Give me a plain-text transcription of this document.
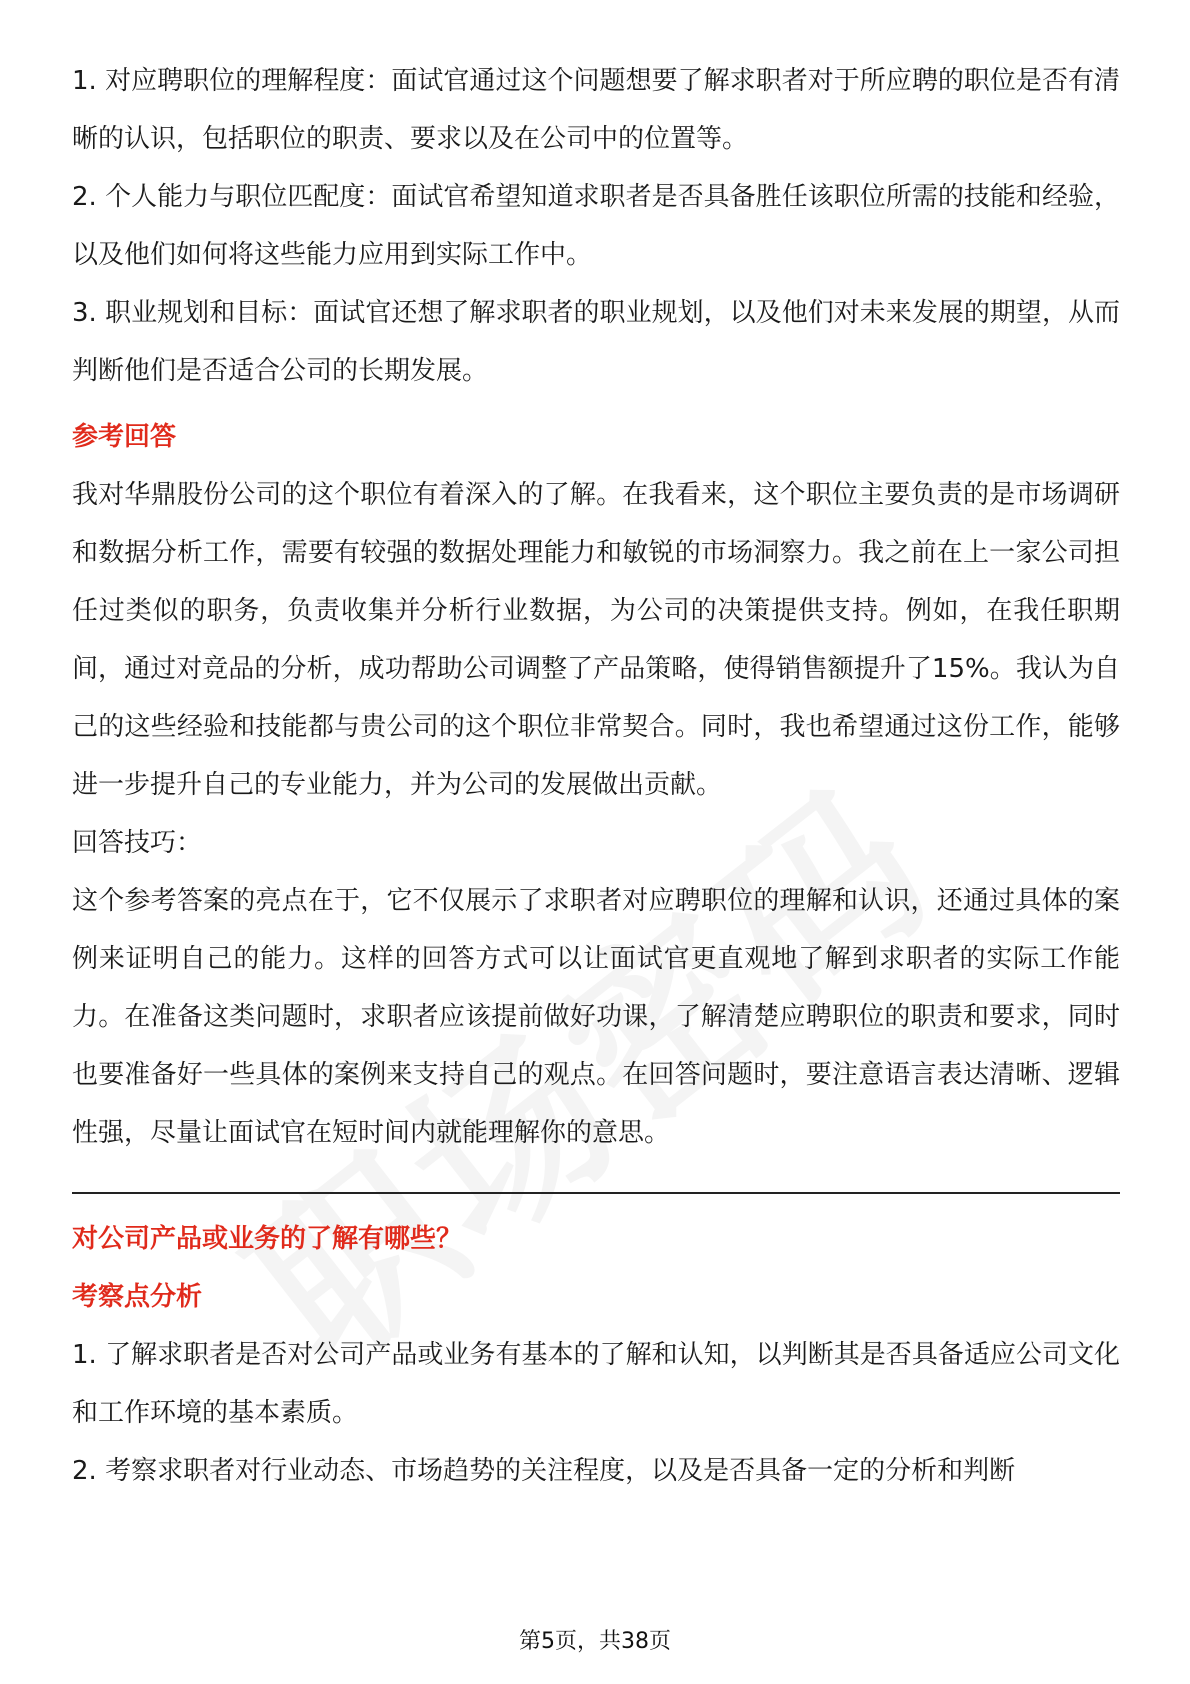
1. 对应聘职位的理解程度：面试官通过这个问题想要了解求职者对于所应聘的职位是否有清晰的认识，包括职位的职责、要求以及在公司中的位置等。

2. 个人能力与职位匹配度：面试官希望知道求职者是否具备胜任该职位所需的技能和经验，以及他们如何将这些能力应用到实际工作中。

3. 职业规划和目标：面试官还想了解求职者的职业规划，以及他们对未来发展的期望，从而判断他们是否适合公司的长期发展。

参考回答

我对华鼎股份公司的这个职位有着深入的了解。在我看来，这个职位主要负责的是市场调研和数据分析工作，需要有较强的数据处理能力和敏锐的市场洞察力。我之前在上一家公司担任过类似的职务，负责收集并分析行业数据，为公司的决策提供支持。例如，在我任职期间，通过对竞品的分析，成功帮助公司调整了产品策略，使得销售额提升了15%。我认为自己的这些经验和技能都与贵公司的这个职位非常契合。同时，我也希望通过这份工作，能够进一步提升自己的专业能力，并为公司的发展做出贡献。

回答技巧：

这个参考答案的亮点在于，它不仅展示了求职者对应聘职位的理解和认识，还通过具体的案例来证明自己的能力。这样的回答方式可以让面试官更直观地了解到求职者的实际工作能力。在准备这类问题时，求职者应该提前做好功课，了解清楚应聘职位的职责和要求，同时也要准备好一些具体的案例来支持自己的观点。在回答问题时，要注意语言表达清晰、逻辑性强，尽量让面试官在短时间内就能理解你的意思。

对公司产品或业务的了解有哪些？
考察点分析

1. 了解求职者是否对公司产品或业务有基本的了解和认知，以判断其是否具备适应公司文化和工作环境的基本素质。

2. 考察求职者对行业动态、市场趋势的关注程度，以及是否具备一定的分析和判断

第5页，共38页
